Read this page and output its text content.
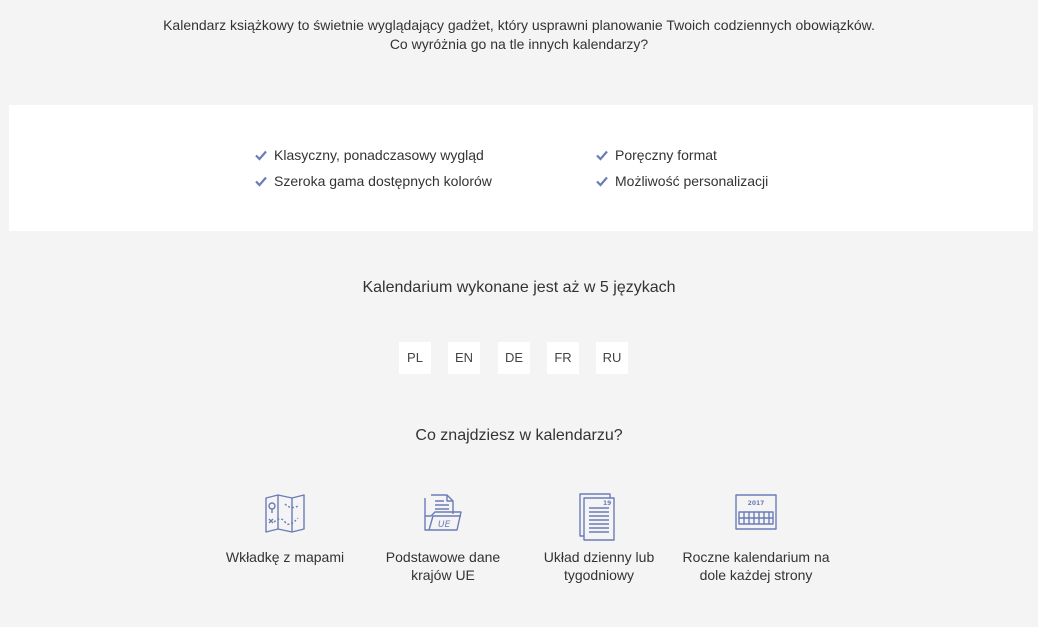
Kalendarz książkowy to świetnie wyglądający gadżet, który usprawni planowanie Twoich codziennych obowiązków.
Co wyróżnia go na tle innych kalendarzy?
Klasyczny, ponadczasowy wygląd	Poręczny format
Szeroka gama dostępnych kolorów	Możliwość personalizacji
Kalendarium wykonane jest aż w 5 językach
PL	EN	DE	FR	RU
Co znajdziesz w kalendarzu?
Wkładkę z mapami

UE
Podstawowe dane
krajów UE
19
Układ dzienny lub
tygodniowy
2017
Roczne kalendarium na
dole każdej strony
